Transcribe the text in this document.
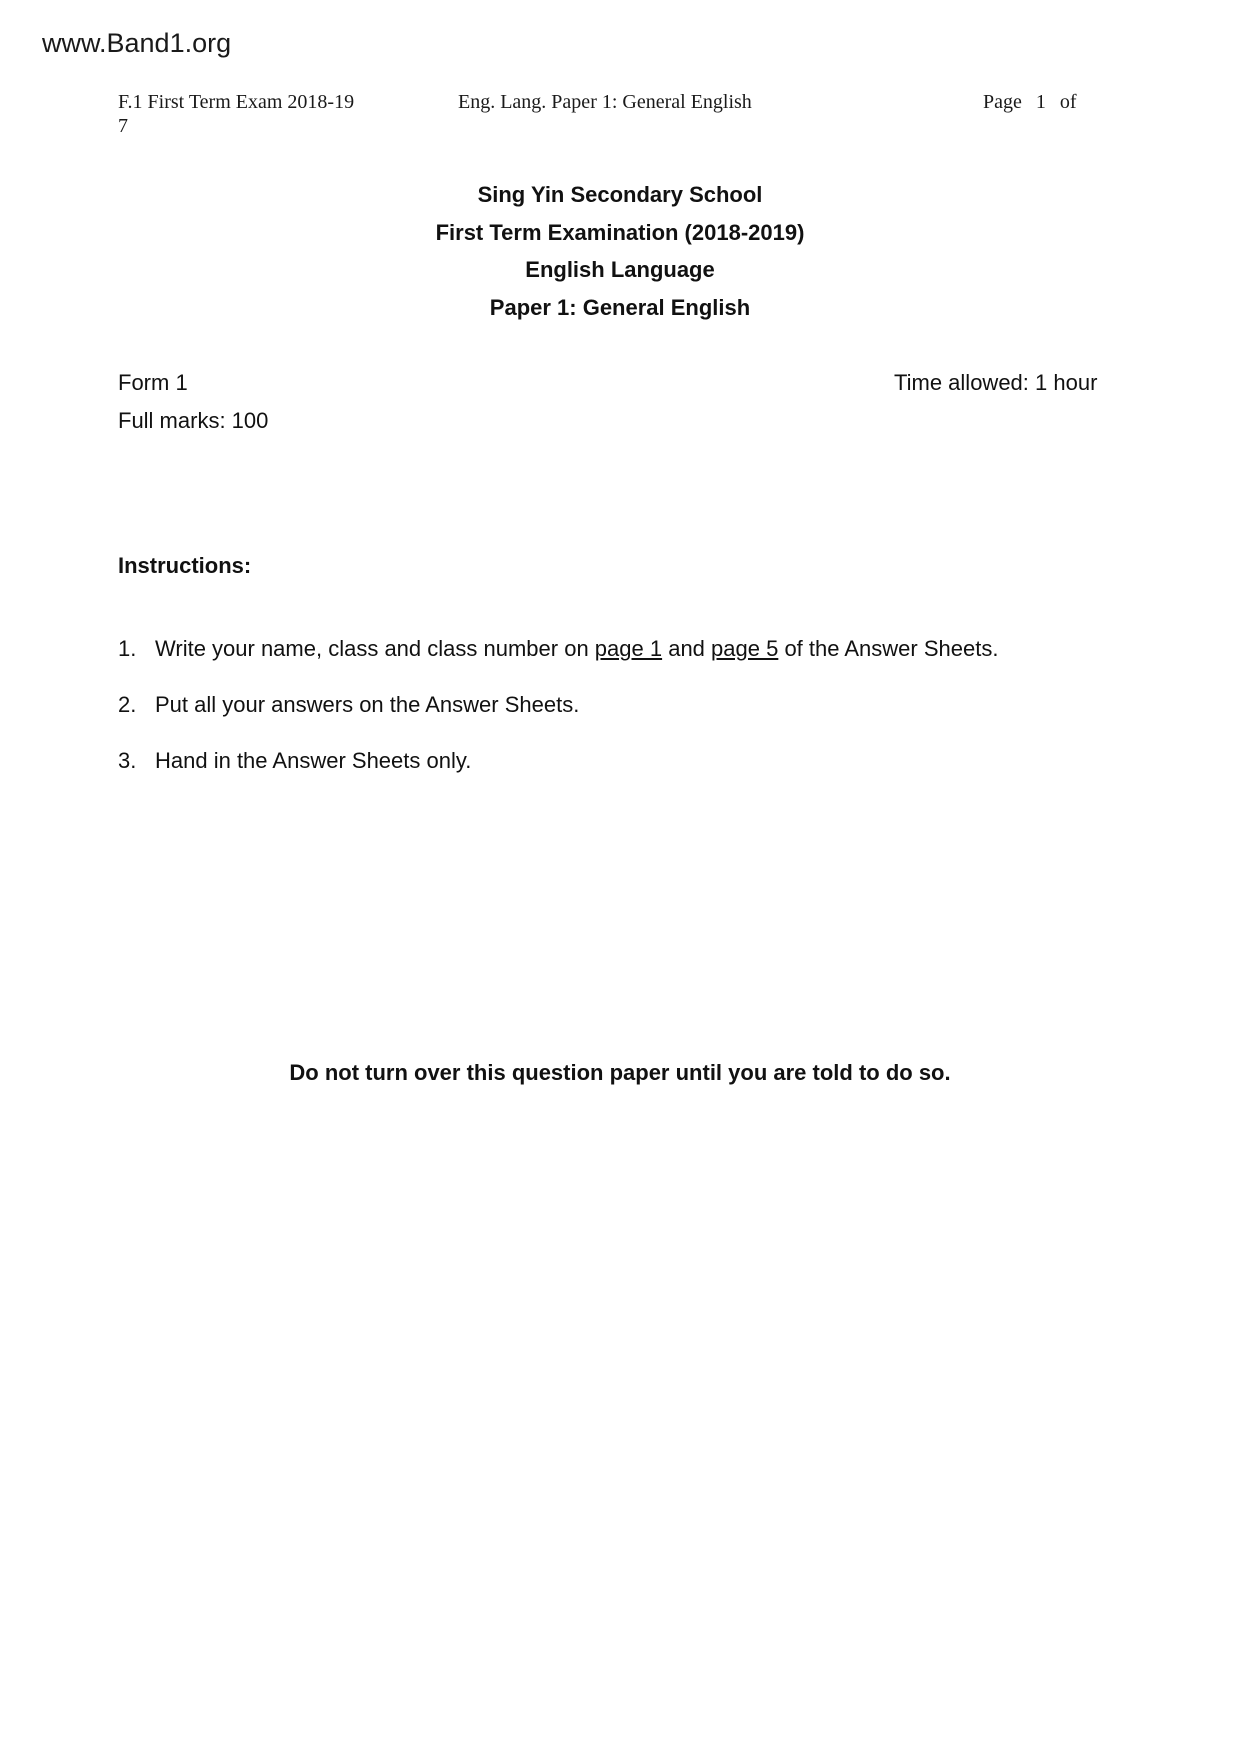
www.Band1.org
F.1 First Term Exam 2018-19
7
Eng. Lang. Paper 1: General English	Page 1 of
Sing Yin Secondary School
First Term Examination (2018-2019)
English Language
Paper 1: General English
Form 1
Full marks: 100
Time allowed: 1 hour
Instructions:
1. Write your name, class and class number on page 1 and page 5 of the Answer Sheets.
2. Put all your answers on the Answer Sheets.
3. Hand in the Answer Sheets only.
Do not turn over this question paper until you are told to do so.
